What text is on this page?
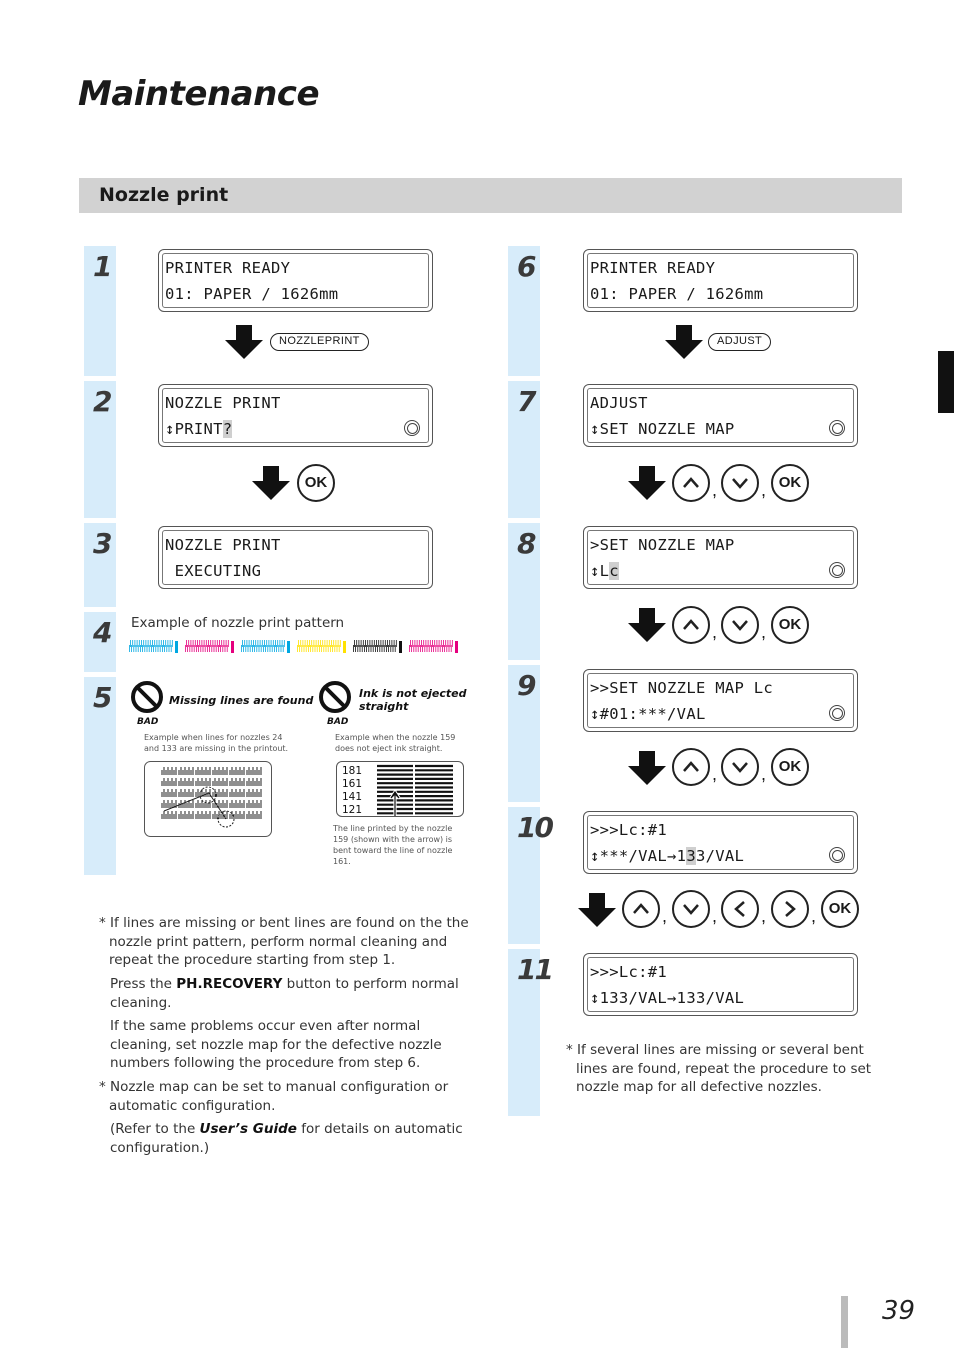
Maintenance
Nozzle print
1
2
3
4
5
6
7
8
9
10
11
PRINTER READY
01: PAPER / 1626mm
NOZZLEPRINT
NOZZLE PRINT
↕PRINT?
OK
NOZZLE PRINT
EXECUTING
Example of nozzle print pattern
BAD
Missing lines are found
Example when lines for nozzles 24 and 133 are missing in the printout.
BAD
Ink is not ejected straight
Example when the nozzle 159 does not eject ink straight.
181
161
141
121
The line printed by the nozzle 159 (shown with the arrow) is bent toward the line of nozzle 161.
* If lines are missing or bent lines are found on the the nozzle print pattern, perform normal cleaning and repeat the procedure starting from step 1.
Press the PH.RECOVERY button to perform normal cleaning.
If the same problems occur even after normal cleaning, set nozzle map for the defective nozzle numbers following the procedure from step 6.
* Nozzle map can be set to manual configuration or automatic configuration.
(Refer to the User’s Guide for details on automatic configuration.)
PRINTER READY
01: PAPER / 1626mm
ADJUST
ADJUST
↕SET NOZZLE MAP
, , OK
>SET NOZZLE MAP
↕Lc
, , OK
>>SET NOZZLE MAP Lc
↕#01:***/VAL
, , OK
>>>Lc:#1
↕***/VAL→133/VAL
, , , , OK
>>>Lc:#1
↕133/VAL→133/VAL
* If several lines are missing or several bent lines are found, repeat the procedure to set nozzle map for all defective nozzles.
39
